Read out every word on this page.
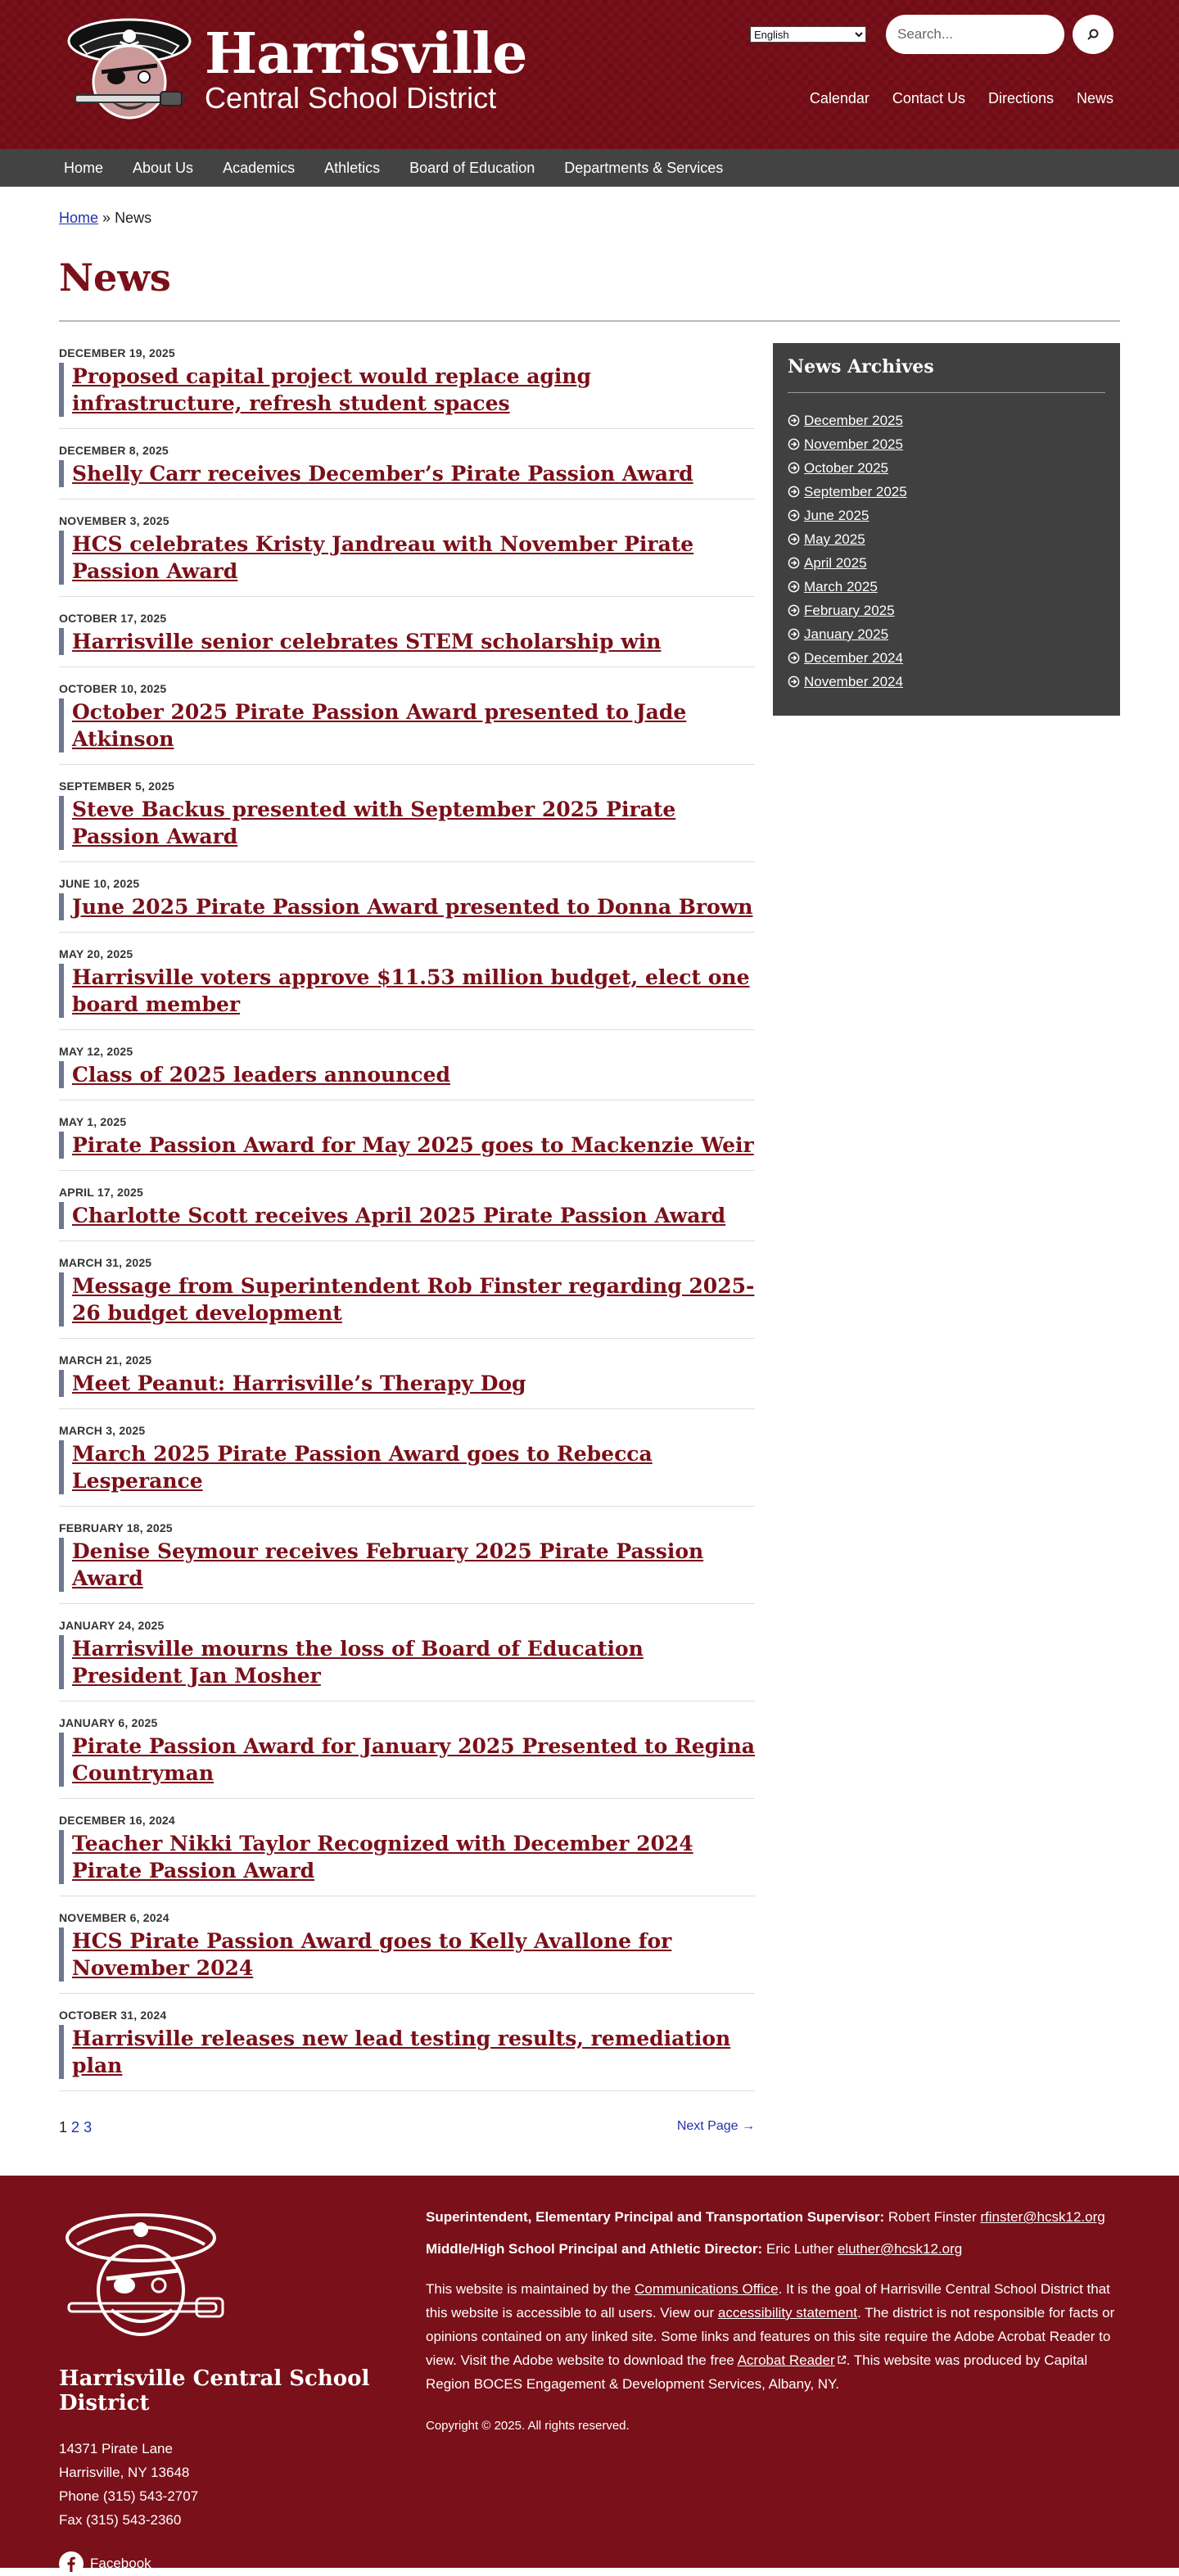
Harrisville
Central School District
English
Search...	Calendar Contact Us Directions News
Home About Us Academics Athletics Board of Education Departments & Services
Home » News
News
DECEMBER 19, 2025
Proposed capital project would replace aging infrastructure, refresh student spaces
DECEMBER 8, 2025
Shelly Carr receives December’s Pirate Passion Award
NOVEMBER 3, 2025
HCS celebrates Kristy Jandreau with November Pirate Passion Award
OCTOBER 17, 2025
Harrisville senior celebrates STEM scholarship win
OCTOBER 10, 2025
October 2025 Pirate Passion Award presented to Jade Atkinson
SEPTEMBER 5, 2025
Steve Backus presented with September 2025 Pirate Passion Award
JUNE 10, 2025
June 2025 Pirate Passion Award presented to Donna Brown
MAY 20, 2025
Harrisville voters approve $11.53 million budget, elect one board member
MAY 12, 2025
Class of 2025 leaders announced
MAY 1, 2025
Pirate Passion Award for May 2025 goes to Mackenzie Weir
APRIL 17, 2025
Charlotte Scott receives April 2025 Pirate Passion Award
MARCH 31, 2025
Message from Superintendent Rob Finster regarding 2025-26 budget development
MARCH 21, 2025
Meet Peanut: Harrisville’s Therapy Dog
MARCH 3, 2025
March 2025 Pirate Passion Award goes to Rebecca Lesperance
FEBRUARY 18, 2025
Denise Seymour receives February 2025 Pirate Passion Award
JANUARY 24, 2025
Harrisville mourns the loss of Board of Education President Jan Mosher
JANUARY 6, 2025
Pirate Passion Award for January 2025 Presented to Regina Countryman
DECEMBER 16, 2024
Teacher Nikki Taylor Recognized with December 2024 Pirate Passion Award
NOVEMBER 6, 2024
HCS Pirate Passion Award goes to Kelly Avallone for November 2024
OCTOBER 31, 2024
Harrisville releases new lead testing results, remediation plan
News Archives
December 2025
November 2025
October 2025
September 2025
June 2025
May 2025
April 2025
March 2025
February 2025
January 2025
December 2024
November 2024
1 2 3	Next Page →
Harrisville Central School District
14371 Pirate Lane
Harrisville, NY 13648
Phone (315) 543-2707
Fax (315) 543-2360
Facebook
Superintendent, Elementary Principal and Transportation Supervisor: Robert Finster rfinster@hcsk12.org
Middle/High School Principal and Athletic Director: Eric Luther eluther@hcsk12.org

This website is maintained by the Communications Office. It is the goal of Harrisville Central School District that this website is accessible to all users. View our accessibility statement. The district is not responsible for facts or opinions contained on any linked site. Some links and features on this site require the Adobe Acrobat Reader to view. Visit the Adobe website to download the free Acrobat Reader . This website was produced by Capital Region BOCES Engagement & Development Services, Albany, NY.

Copyright © 2025. All rights reserved.
